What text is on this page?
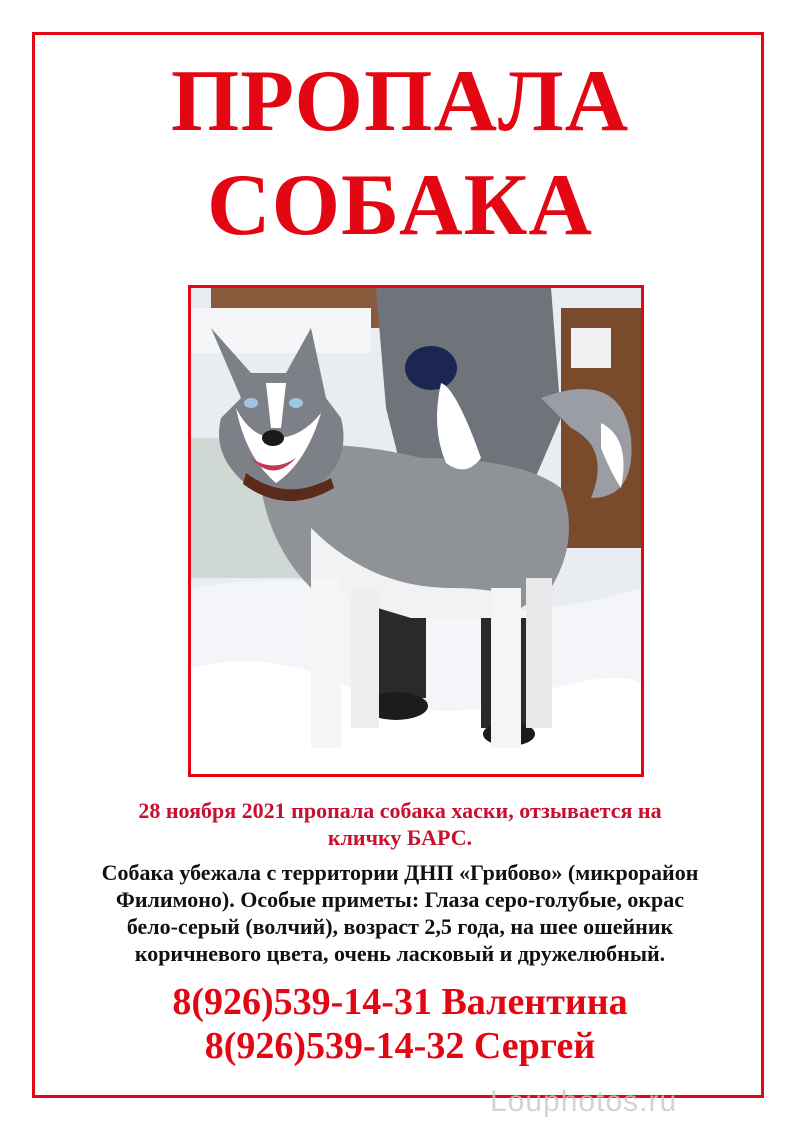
ПРОПАЛА
СОБАКА
28 ноября 2021 пропала собака хаски, отзывается на
кличку БАРС.
Собака убежала с территории ДНП «Грибово» (микрорайон
Филимоно). Особые приметы: Глаза серо-голубые, окрас
бело-серый (волчий), возраст 2,5 года, на шее ошейник
коричневого цвета, очень ласковый и дружелюбный.
8(926)539-14-31 Валентина
8(926)539-14-32 Сергей
Louphotos.ru
